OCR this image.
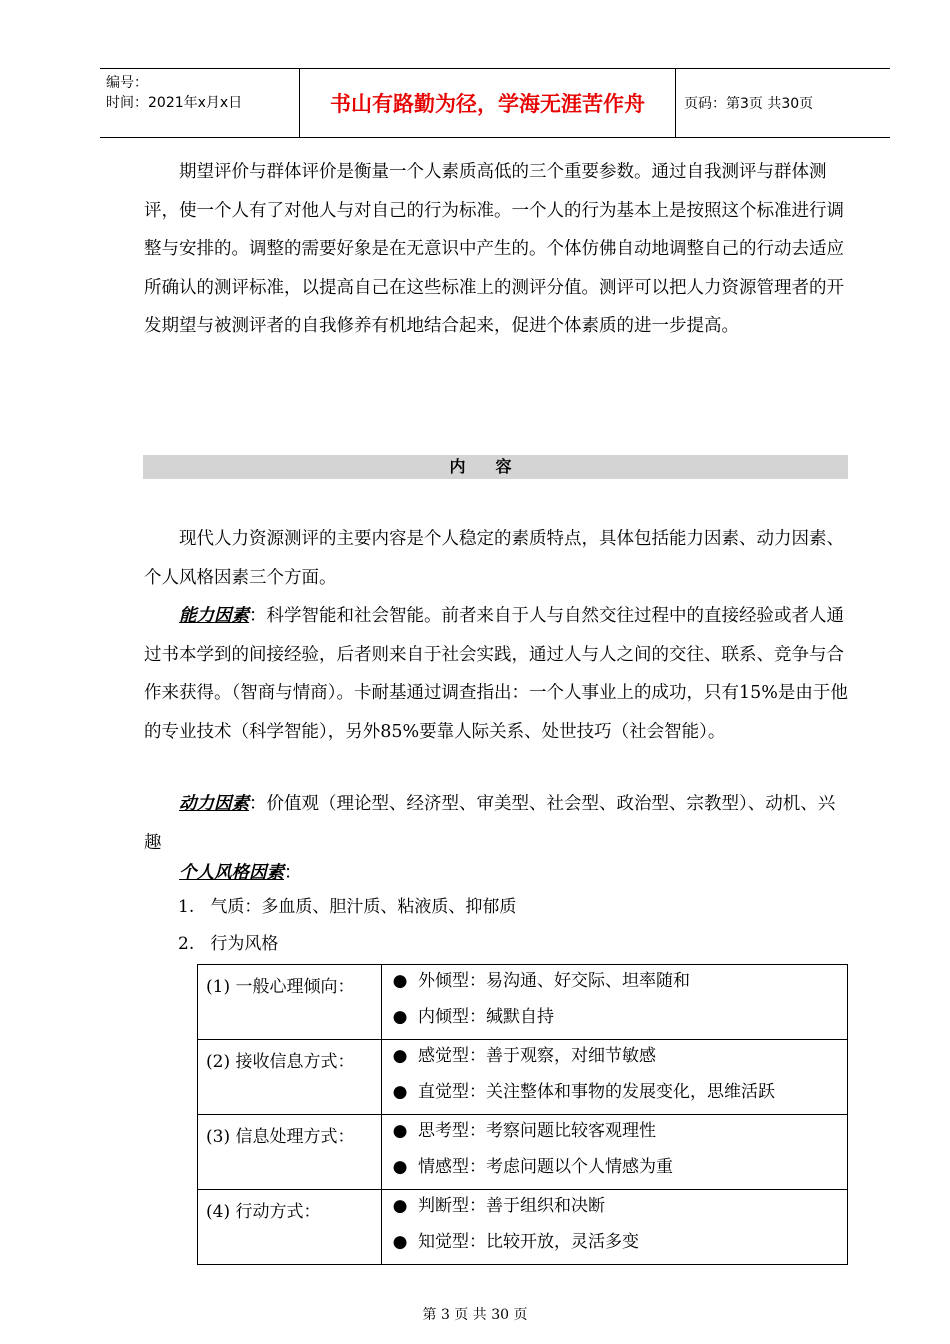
编号：
时间：2021年x月x日	书山有路勤为径，学海无涯苦作舟	页码：第3页 共30页

期望评价与群体评价是衡量一个人素质高低的三个重要参数。通过自我测评与群体测评，使一个人有了对他人与对自己的行为标准。一个人的行为基本上是按照这个标准进行调整与安排的。调整的需要好象是在无意识中产生的。个体仿佛自动地调整自己的行动去适应所确认的测评标准，以提高自己在这些标准上的测评分值。测评可以把人力资源管理者的开发期望与被测评者的自我修养有机地结合起来，促进个体素质的进一步提高。

内容

现代人力资源测评的主要内容是个人稳定的素质特点，具体包括能力因素、动力因素、个人风格因素三个方面。

能力因素：科学智能和社会智能。前者来自于人与自然交往过程中的直接经验或者人通过书本学到的间接经验，后者则来自于社会实践，通过人与人之间的交往、联系、竞争与合作来获得。（智商与情商）。卡耐基通过调查指出：一个人事业上的成功，只有15%是由于他的专业技术（科学智能），另外85%要靠人际关系、处世技巧（社会智能）。

动力因素：价值观（理论型、经济型、审美型、社会型、政治型、宗教型）、动机、兴趣

个人风格因素：

1.   气质：多血质、胆汁质、粘液质、抑郁质
2.   行为风格
(1) 一般心理倾向：	● 外倾型：易沟通、好交际、坦率随和
● 内倾型：缄默自持

(2) 接收信息方式：	● 感觉型：善于观察，对细节敏感
● 直觉型：关注整体和事物的发展变化，思维活跃

(3) 信息处理方式：	● 思考型：考察问题比较客观理性
● 情感型：考虑问题以个人情感为重

(4) 行动方式：	● 判断型：善于组织和决断
● 知觉型：比较开放，灵活多变
第 3 页 共 30 页
